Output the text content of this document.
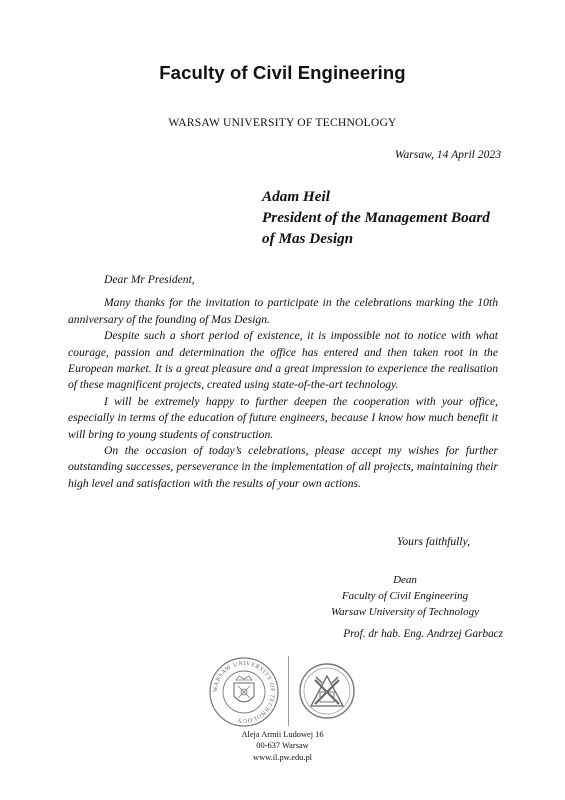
Faculty of Civil Engineering
WARSAW UNIVERSITY OF TECHNOLOGY
Warsaw, 14 April 2023
Adam Heil
President of the Management Board
of Mas Design

Dear Mr President,

Many thanks for the invitation to participate in the celebrations marking the 10th anniversary of the founding of Mas Design.

Despite such a short period of existence, it is impossible not to notice with what courage, passion and determination the office has entered and then taken root in the European market. It is a great pleasure and a great impression to experience the realisation of these magnificent projects, created using state-of-the-art technology.

I will be extremely happy to further deepen the cooperation with your office, especially in terms of the education of future engineers, because I know how much benefit it will bring to young students of construction.

On the occasion of today’s celebrations, please accept my wishes for further outstanding successes, perseverance in the implementation of all projects, maintaining their high level and satisfaction with the results of your own actions.

Yours faithfully,
Dean
Faculty of Civil Engineering
Warsaw University of Technology
Prof. dr hab. Eng. Andrzej Garbacz
WARSAW UNIVERSITY OF TECHNOLOGY
Aleja Armii Ludowej 16
00-637 Warsaw
www.il.pw.edu.pl
